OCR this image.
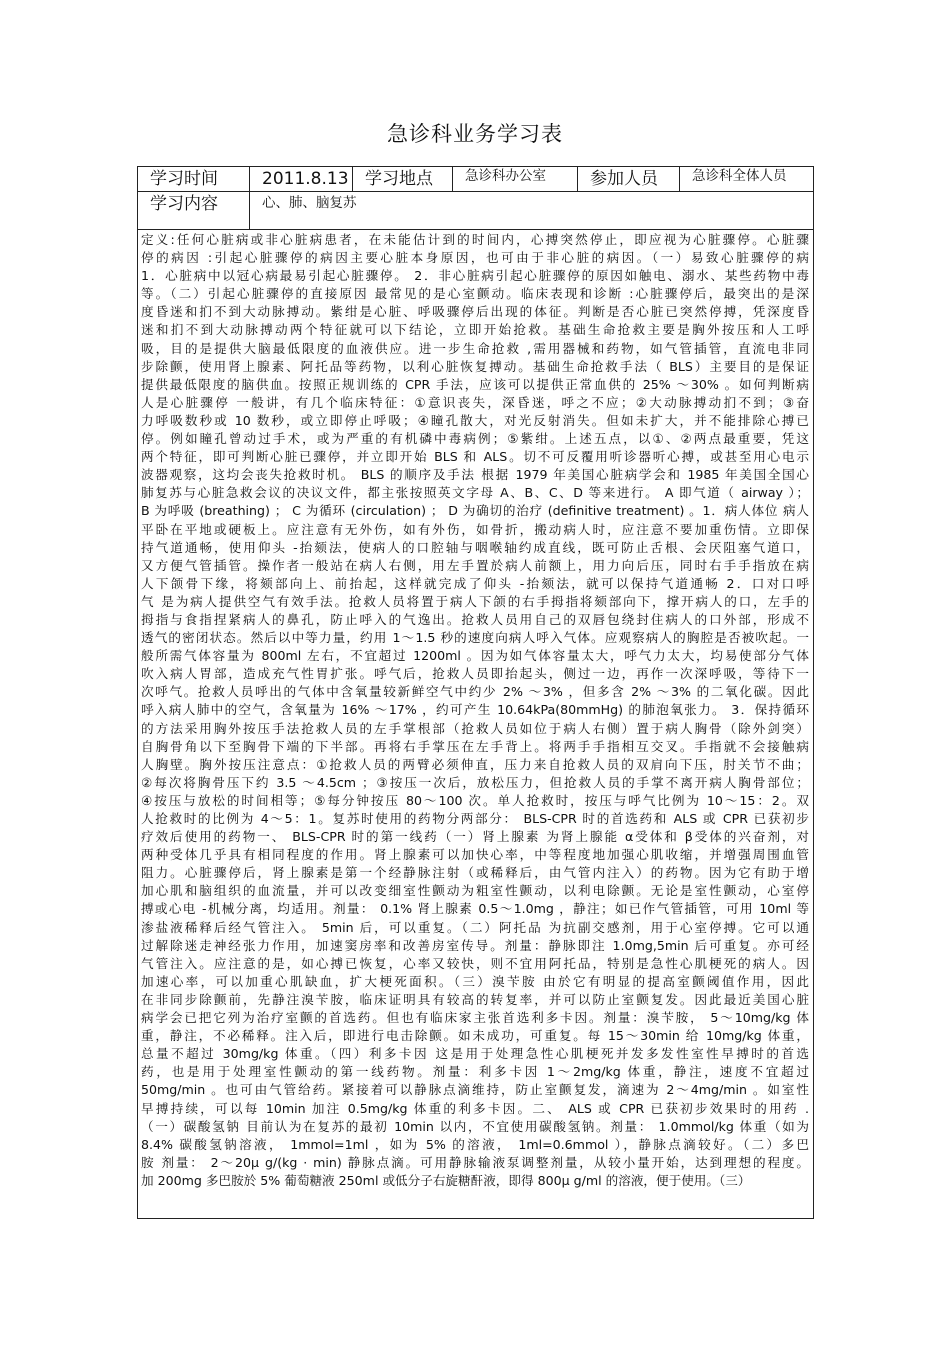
急诊科业务学习表
学习时间	2011.8.13 学习地点	急诊科办公室	参加人员	急诊科全体人员
学习内容	心、肺、脑复苏
定义:任何心脏病或非心脏病患者，在未能估计到的时间内，心搏突然停止，即应视为心脏骤停。心脏骤
停的病因 :引起心脏骤停的病因主要心脏本身原因，也可由于非心脏的病因。（一）易致心脏骤停的病
1．心脏病中以冠心病最易引起心脏骤停。 2．非心脏病引起心脏骤停的原因如触电、溺水、某些药物中毒
等。（二）引起心脏骤停的直接原因 最常见的是心室颤动。临床表现和诊断 :心脏骤停后，最突出的是深
度昏迷和扪不到大动脉搏动。紫绀是心脏、呼吸骤停后出现的体征。判断是否心脏已突然停搏，凭深度昏
迷和扪不到大动脉搏动两个特征就可以下结论，立即开始抢救。基础生命抢救主要是胸外按压和人工呼
吸，目的是提供大脑最低限度的血液供应。进一步生命抢救 ,需用器械和药物，如气管插管，直流电非同
步除颤，使用肾上腺素、阿托品等药物，以利心脏恢复搏动。基础生命抢救手法（ BLS）主要目的是保证
提供最低限度的脑供血。按照正规训练的 CPR 手法，应该可以提供正常血供的 25% ～30% 。如何判断病
人是心脏骤停 一般讲，有几个临床特征：①意识丧失，深昏迷，呼之不应；②大动脉搏动扪不到；③奋
力呼吸数秒或 10 数秒，或立即停止呼吸；④瞳孔散大，对光反射消失。但如未扩大，并不能排除心搏已
停。例如瞳孔曾动过手术，或为严重的有机磷中毒病例；⑤紫绀。上述五点，以①、②两点最重要，凭这
两个特征，即可判断心脏已骤停，并立即开始 BLS 和 ALS。切不可反覆用听诊器听心搏，或甚至用心电示
波器观察，这均会丧失抢救时机。 BLS 的顺序及手法 根据 1979 年美国心脏病学会和 1985 年美国全国心
肺复苏与心脏急救会议的决议文件，都主张按照英文字母 A、B、C、D 等来进行。 A 即气道（ airway ）；
B 为呼吸 (breathing) ； C 为循环 (circulation) ； D 为确切的治疗 (definitive treatment) 。1．病人体位 病人
平卧在平地或硬板上。应注意有无外伤，如有外伤，如骨折，搬动病人时，应注意不要加重伤情。立即保
持气道通畅，使用仰头 -抬颏法，使病人的口腔轴与咽喉轴约成直线，既可防止舌根、会厌阻塞气道口，
又方便气管插管。操作者一般站在病人右侧，用左手置於病人前额上，用力向后压，同时右手手指放在病
人下颌骨下缘，将颏部向上、前抬起，这样就完成了仰头 -抬颏法，就可以保持气道通畅 2．口对口呼
气 是为病人提供空气有效手法。抢救人员将置于病人下颌的右手拇指将颏部向下，撑开病人的口，左手的
拇指与食指捏紧病人的鼻孔，防止呼入的气逸出。抢救人员用自己的双唇包绕封住病人的口外部，形成不
透气的密闭状态。然后以中等力量，约用 1～1.5 秒的速度向病人呼入气体。应观察病人的胸腔是否被吹起。一
般所需气体容量为 800ml 左右，不宜超过 1200ml 。因为如气体容量太大，呼气力太大，均易使部分气体
吹入病人胃部，造成充气性胃扩张。呼气后，抢救人员即抬起头，侧过一边，再作一次深呼吸，等待下一
次呼气。抢救人员呼出的气体中含氧量较新鲜空气中约少 2% ～3% ，但多含 2% ～3% 的二氧化碳。因此
呼入病人肺中的空气，含氧量为 16% ～17% ，约可产生 10.64kPa(80mmHg) 的肺泡氧张力。 3．保持循环
的方法采用胸外按压手法抢救人员的左手掌根部（抢救人员如位于病人右侧）置于病人胸骨（除外剑突）
自胸骨角以下至胸骨下端的下半部。再将右手掌压在左手背上。将两手手指相互交叉。手指就不会接触病
人胸壁。胸外按压注意点：①抢救人员的两臂必须伸直，压力来自抢救人员的双肩向下压，肘关节不曲；
②每次将胸骨压下约 3.5 ～4.5cm ；③按压一次后，放松压力，但抢救人员的手掌不离开病人胸骨部位；
④按压与放松的时间相等；⑤每分钟按压 80～100 次。单人抢救时，按压与呼气比例为 10～15：2。双
人抢救时的比例为 4～5：1。复苏时使用的药物分两部分： BLS-CPR 时的首选药和 ALS 或 CPR 已获初步
疗效后使用的药物一、 BLS-CPR 时的第一线药（一）肾上腺素 为肾上腺能 α受体和 β受体的兴奋剂，对
两种受体几乎具有相同程度的作用。肾上腺素可以加快心率，中等程度地加强心肌收缩，并增强周围血管
阻力。心脏骤停后，肾上腺素是第一个经静脉注射（或稀释后，由气管内注入）的药物。因为它有助于增
加心肌和脑组织的血流量，并可以改变细室性颤动为粗室性颤动，以利电除颤。无论是室性颤动，心室停
搏或心电 -机械分离，均适用。剂量： 0.1% 肾上腺素 0.5～1.0mg ，静注；如已作气管插管，可用 10ml 等
渗盐液稀释后经气管注入。 5min 后，可以重复。（二）阿托品 为抗副交感剂，用于心室停搏。它可以通
过解除迷走神经张力作用，加速窦房率和改善房室传导。剂量：静脉即注 1.0mg,5min 后可重复。亦可经
气管注入。应注意的是，如心搏已恢复，心率又较快，则不宜用阿托品，特别是急性心肌梗死的病人。因
加速心率，可以加重心肌缺血，扩大梗死面积。（三）溴苄胺 由於它有明显的提高室颤阈值作用，因此
在非同步除颤前，先静注溴苄胺，临床证明具有较高的转复率，并可以防止室颤复发。因此最近美国心脏
病学会已把它列为治疗室颤的首选药。但也有临床家主张首选利多卡因。剂量：溴苄胺， 5～10mg/kg 体
重，静注，不必稀释。注入后，即进行电击除颤。如未成功，可重复。每 15～30min 给 10mg/kg 体重，
总量不超过 30mg/kg 体重。（四）利多卡因 这是用于处理急性心肌梗死并发多发性室性早搏时的首选
药，也是用于处理室性颤动的第一线药物。剂量：利多卡因 1～2mg/kg 体重，静注，速度不宜超过
50mg/min 。也可由气管给药。紧接着可以静脉点滴维持，防止室颤复发，滴速为 2～4mg/min 。如室性
早搏持续，可以每 10min 加注 0.5mg/kg 体重的利多卡因。二、 ALS 或 CPR 已获初步效果时的用药 .
（一）碳酸氢钠 目前认为在复苏的最初 10min 以内，不宜使用碳酸氢钠。剂量： 1.0mmol/kg 体重（如为
8.4% 碳酸氢钠溶液， 1mmol=1ml ，如为 5% 的溶液， 1ml=0.6mmol ），静脉点滴较好。（二）多巴
胺 剂量： 2～20μ g/(kg · min) 静脉点滴。可用静脉输液泵调整剂量，从较小量开始，达到理想的程度。
加 200mg 多巴胺於 5% 葡萄糖液 250ml 或低分子右旋糖酐液，即得 800μ g/ml 的溶液，便于使用。（三）
